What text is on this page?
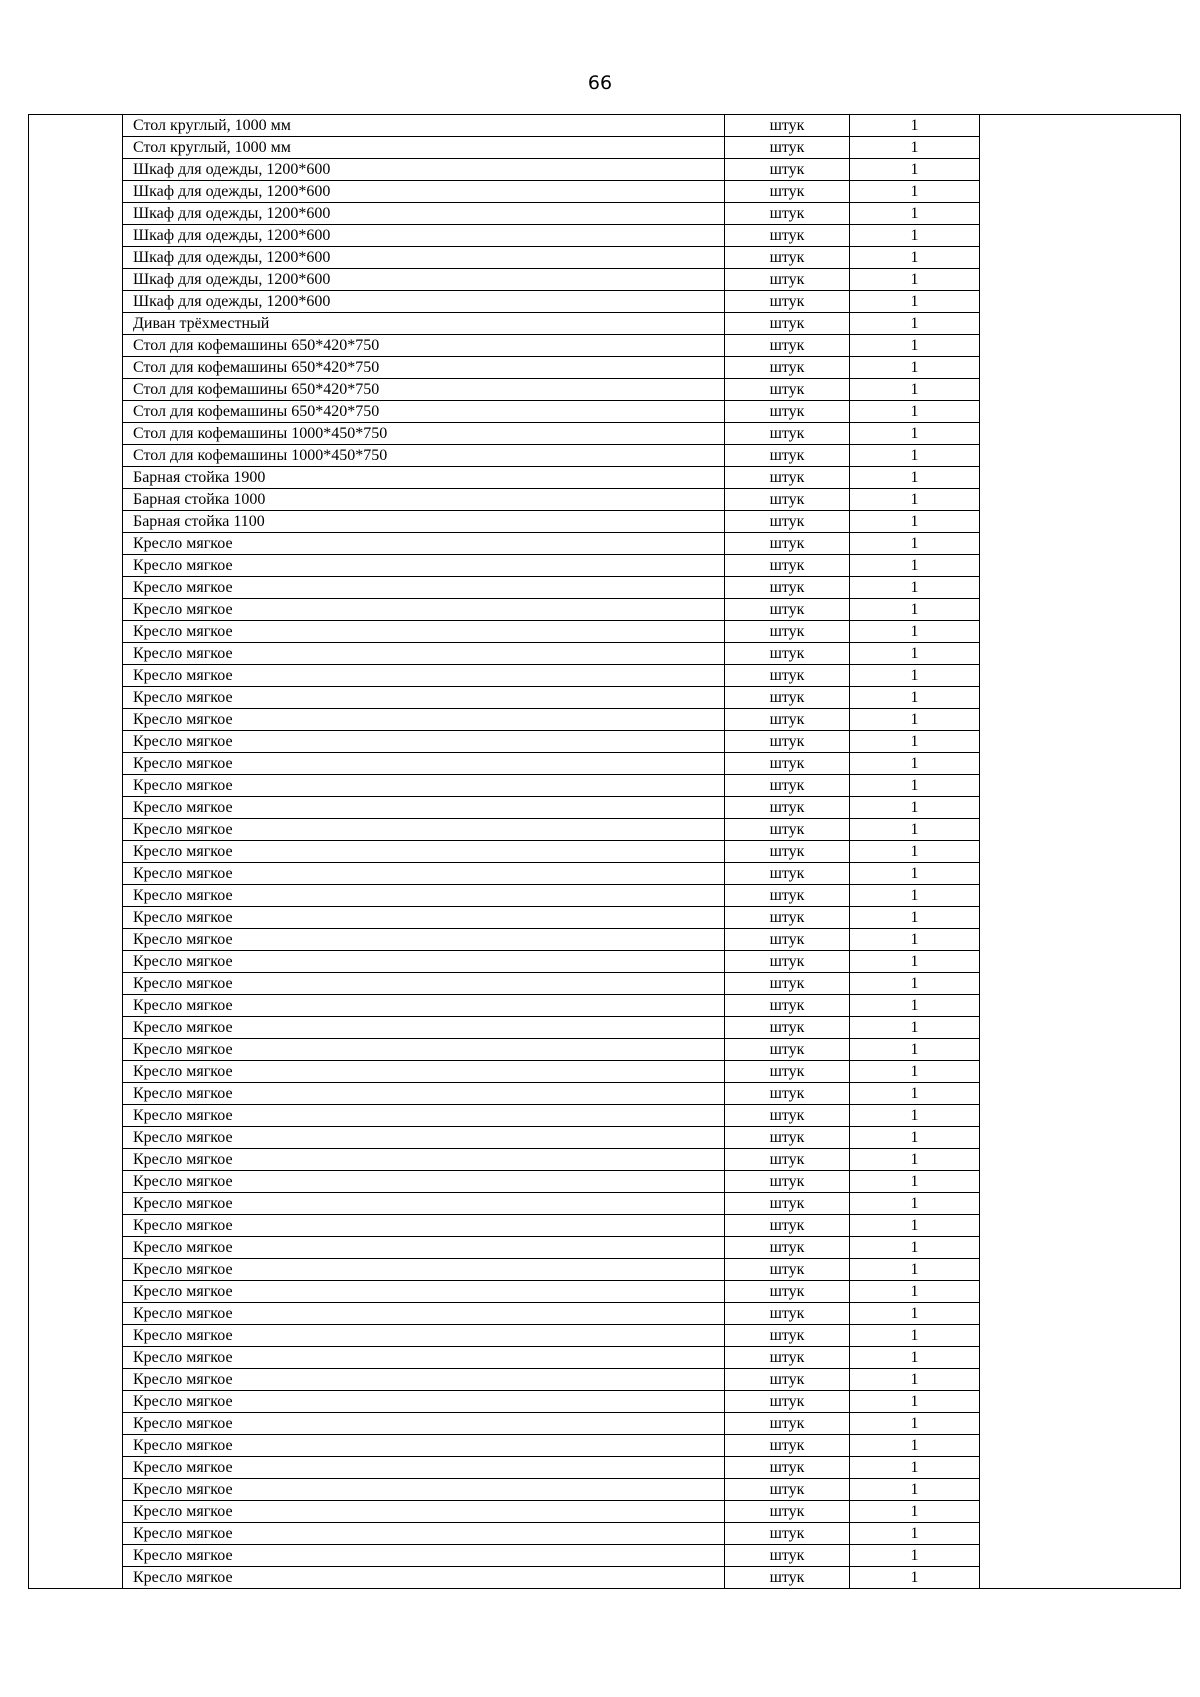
66
	Стол круглый, 1000 мм	штук	1	
	Стол круглый, 1000 мм	штук	1	
	Шкаф для одежды, 1200*600	штук	1	
	Шкаф для одежды, 1200*600	штук	1	
	Шкаф для одежды, 1200*600	штук	1	
	Шкаф для одежды, 1200*600	штук	1	
	Шкаф для одежды, 1200*600	штук	1	
	Шкаф для одежды, 1200*600	штук	1	
	Шкаф для одежды, 1200*600	штук	1	
	Диван трёхместный	штук	1	
	Стол для кофемашины 650*420*750	штук	1	
	Стол для кофемашины 650*420*750	штук	1	
	Стол для кофемашины 650*420*750	штук	1	
	Стол для кофемашины 650*420*750	штук	1	
	Стол для кофемашины 1000*450*750	штук	1	
	Стол для кофемашины 1000*450*750	штук	1	
	Барная стойка 1900	штук	1	
	Барная стойка 1000	штук	1	
	Барная стойка 1100	штук	1	
	Кресло мягкое	штук	1	
	Кресло мягкое	штук	1	
	Кресло мягкое	штук	1	
	Кресло мягкое	штук	1	
	Кресло мягкое	штук	1	
	Кресло мягкое	штук	1	
	Кресло мягкое	штук	1	
	Кресло мягкое	штук	1	
	Кресло мягкое	штук	1	
	Кресло мягкое	штук	1	
	Кресло мягкое	штук	1	
	Кресло мягкое	штук	1	
	Кресло мягкое	штук	1	
	Кресло мягкое	штук	1	
	Кресло мягкое	штук	1	
	Кресло мягкое	штук	1	
	Кресло мягкое	штук	1	
	Кресло мягкое	штук	1	
	Кресло мягкое	штук	1	
	Кресло мягкое	штук	1	
	Кресло мягкое	штук	1	
	Кресло мягкое	штук	1	
	Кресло мягкое	штук	1	
	Кресло мягкое	штук	1	
	Кресло мягкое	штук	1	
	Кресло мягкое	штук	1	
	Кресло мягкое	штук	1	
	Кресло мягкое	штук	1	
	Кресло мягкое	штук	1	
	Кресло мягкое	штук	1	
	Кресло мягкое	штук	1	
	Кресло мягкое	штук	1	
	Кресло мягкое	штук	1	
	Кресло мягкое	штук	1	
	Кресло мягкое	штук	1	
	Кресло мягкое	штук	1	
	Кресло мягкое	штук	1	
	Кресло мягкое	штук	1	
	Кресло мягкое	штук	1	
	Кресло мягкое	штук	1	
	Кресло мягкое	штук	1	
	Кресло мягкое	штук	1	
	Кресло мягкое	штук	1	
	Кресло мягкое	штук	1	
	Кресло мягкое	штук	1	
	Кресло мягкое	штук	1	
	Кресло мягкое	штук	1	
	Кресло мягкое	штук	1	
